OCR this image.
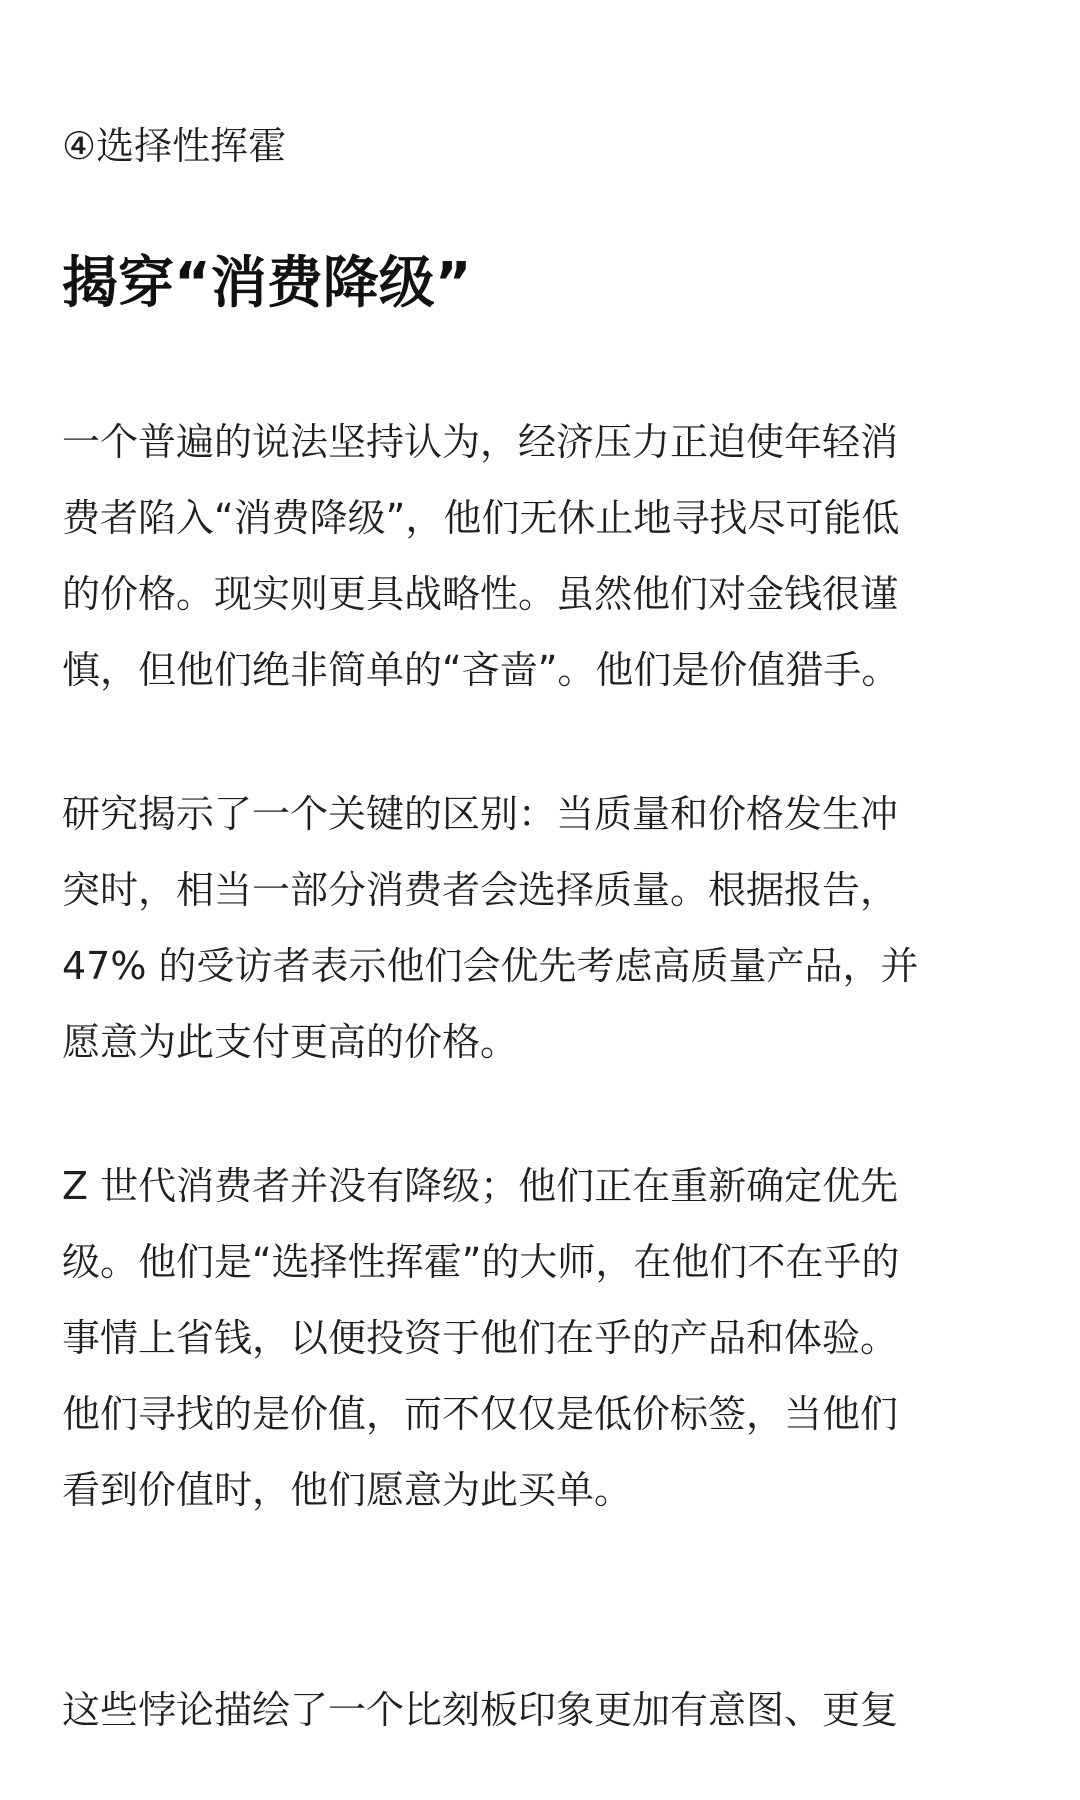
④选择性挥霍
揭穿“消费降级”
一个普遍的说法坚持认为，经济压力正迫使年轻消
费者陷入“消费降级”，他们无休止地寻找尽可能低
的价格。现实则更具战略性。虽然他们对金钱很谨
慎，但他们绝非简单的“吝啬”。他们是价值猎手。
研究揭示了一个关键的区别：当质量和价格发生冲
突时，相当一部分消费者会选择质量。根据报告，
47% 的受访者表示他们会优先考虑高质量产品，并
愿意为此支付更高的价格。
Z 世代消费者并没有降级；他们正在重新确定优先
级。他们是“选择性挥霍”的大师，在他们不在乎的
事情上省钱，以便投资于他们在乎的产品和体验。
他们寻找的是价值，而不仅仅是低价标签，当他们
看到价值时，他们愿意为此买单。
这些悖论描绘了一个比刻板印象更加有意图、更复
